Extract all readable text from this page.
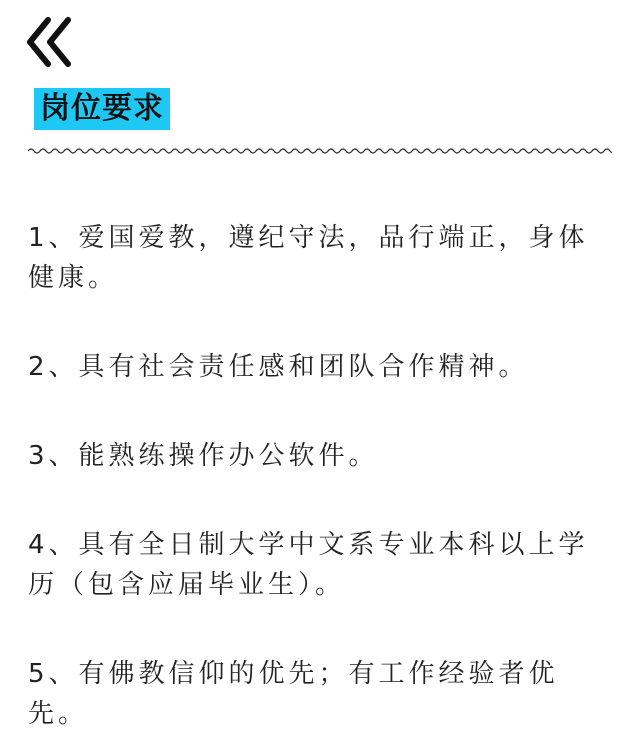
岗位要求
1、爱国爱教，遵纪守法，品行端正，身体健康。
2、具有社会责任感和团队合作精神。
3、能熟练操作办公软件。
4、具有全日制大学中文系专业本科以上学历（包含应届毕业生）。
5、有佛教信仰的优先；有工作经验者优先。
